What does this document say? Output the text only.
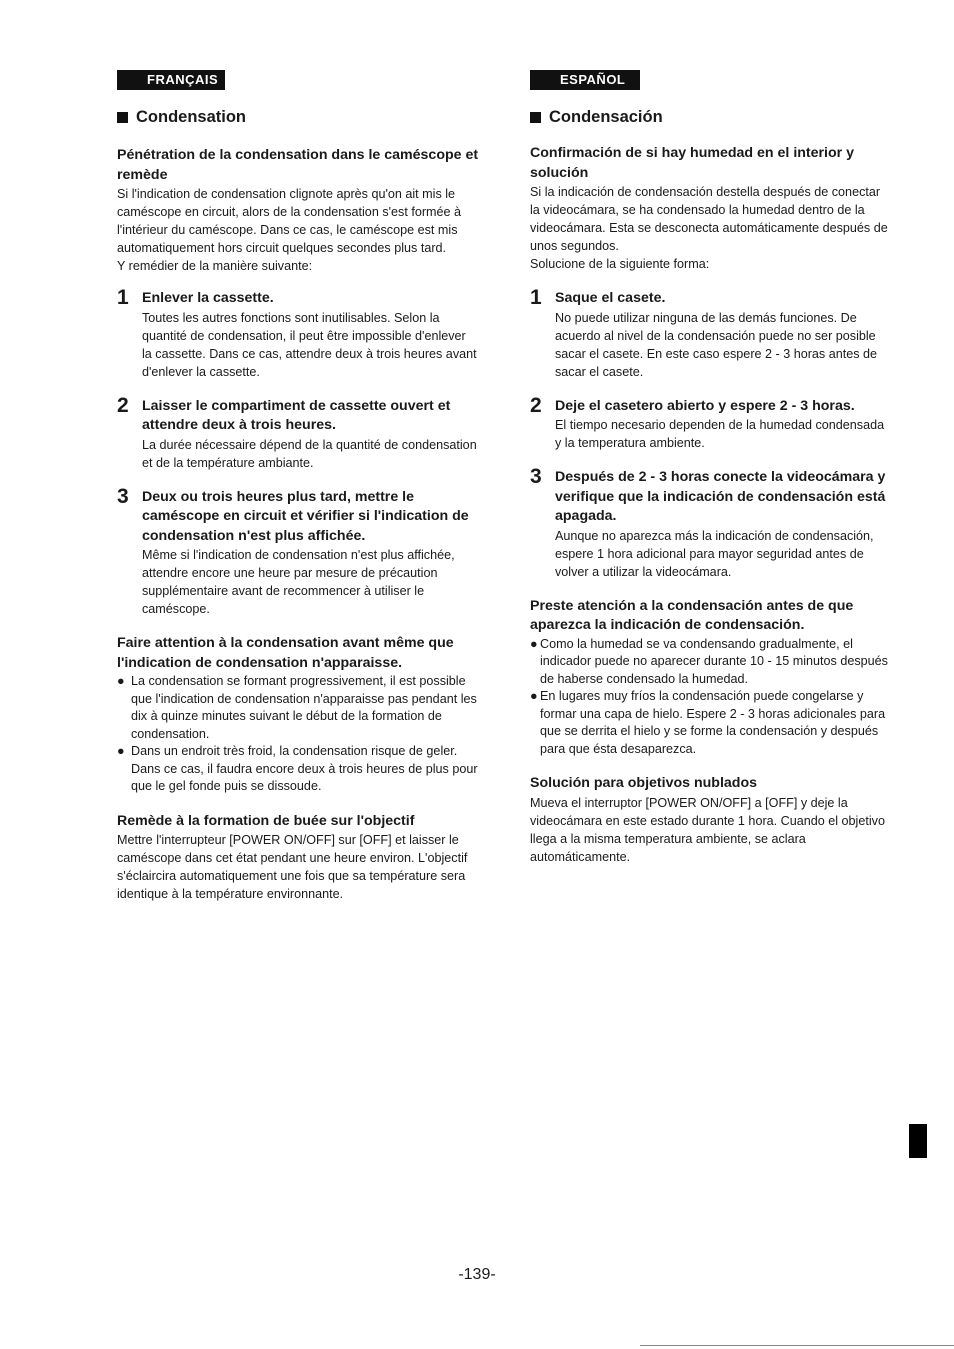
FRANÇAIS
Condensation
Pénétration de la condensation dans le caméscope et remède

Si l'indication de condensation clignote après qu'on ait mis le caméscope en circuit, alors de la condensation s'est formée à l'intérieur du caméscope. Dans ce cas, le caméscope est mis automatiquement hors circuit quelques secondes plus tard.

Y remédier de la manière suivante:

1 Enlever la cassette.

Toutes les autres fonctions sont inutilisables. Selon la quantité de condensation, il peut être impossible d'enlever la cassette. Dans ce cas, attendre deux à trois heures avant d'enlever la cassette.

2 Laisser le compartiment de cassette ouvert et attendre deux à trois heures.

La durée nécessaire dépend de la quantité de condensation et de la température ambiante.

3 Deux ou trois heures plus tard, mettre le caméscope en circuit et vérifier si l'indication de condensation n'est plus affichée.

Même si l'indication de condensation n'est plus affichée, attendre encore une heure par mesure de précaution supplémentaire avant de recommencer à utiliser le caméscope.

Faire attention à la condensation avant même que l'indication de condensation n'apparaisse.
● La condensation se formant progressivement, il est possible que l'indication de condensation n'apparaisse pas pendant les dix à quinze minutes suivant le début de la formation de condensation.
● Dans un endroit très froid, la condensation risque de geler. Dans ce cas, il faudra encore deux à trois heures de plus pour que le gel fonde puis se dissoude.
Remède à la formation de buée sur l'objectif

Mettre l'interrupteur [POWER ON/OFF] sur [OFF] et laisser le caméscope dans cet état pendant une heure environ. L'objectif s'éclaircira automatiquement une fois que sa température sera identique à la température environnante.

ESPAÑOL
Condensación
Confirmación de si hay humedad en el interior y solución

Si la indicación de condensación destella después de conectar la videocámara, se ha condensado la humedad dentro de la videocámara. Esta se desconecta automáticamente después de unos segundos.

Solucione de la siguiente forma:

1 Saque el casete.

No puede utilizar ninguna de las demás funciones. De acuerdo al nivel de la condensación puede no ser posible sacar el casete. En este caso espere 2 - 3 horas antes de sacar el casete.

2 Deje el casetero abierto y espere 2 - 3 horas.

El tiempo necesario dependen de la humedad condensada y la temperatura ambiente.

3 Después de 2 - 3 horas conecte la videocámara y verifique que la indicación de condensación está apagada.

Aunque no aparezca más la indicación de condensación, espere 1 hora adicional para mayor seguridad antes de volver a utilizar la videocámara.

Preste atención a la condensación antes de que aparezca la indicación de condensación.
● Como la humedad se va condensando gradualmente, el indicador puede no aparecer durante 10 - 15 minutos después de haberse condensado la humedad.
● En lugares muy fríos la condensación puede congelarse y formar una capa de hielo. Espere 2 - 3 horas adicionales para que se derrita el hielo y se forme la condensación y después para que ésta desaparezca.
Solución para objetivos nublados

Mueva el interruptor [POWER ON/OFF] a [OFF] y deje la videocámara en este estado durante 1 hora. Cuando el objetivo llega a la misma temperatura ambiente, se aclara automáticamente.

-139-
